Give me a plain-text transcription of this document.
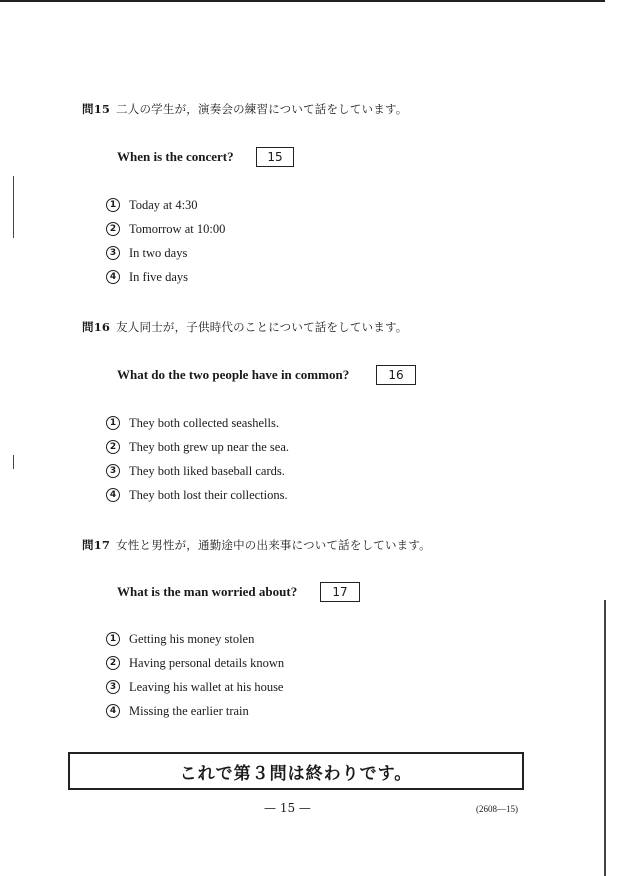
問15 二人の学生が，演奏会の練習について話をしています。
When is the concert?	15
1	Today at 4:30
2	Tomorrow at 10:00
3	In two days
4	In five days
問16 友人同士が，子供時代のことについて話をしています。
What do the two people have in common?	16
1	They both collected seashells.
2	They both grew up near the sea.
3	They both liked baseball cards.
4	They both lost their collections.
問17 女性と男性が，通勤途中の出来事について話をしています。
What is the man worried about?	17
1	Getting his money stolen
2	Having personal details known
3	Leaving his wallet at his house
4	Missing the earlier train
これで第３問は終わりです。
— 15 —	(2608—15)
